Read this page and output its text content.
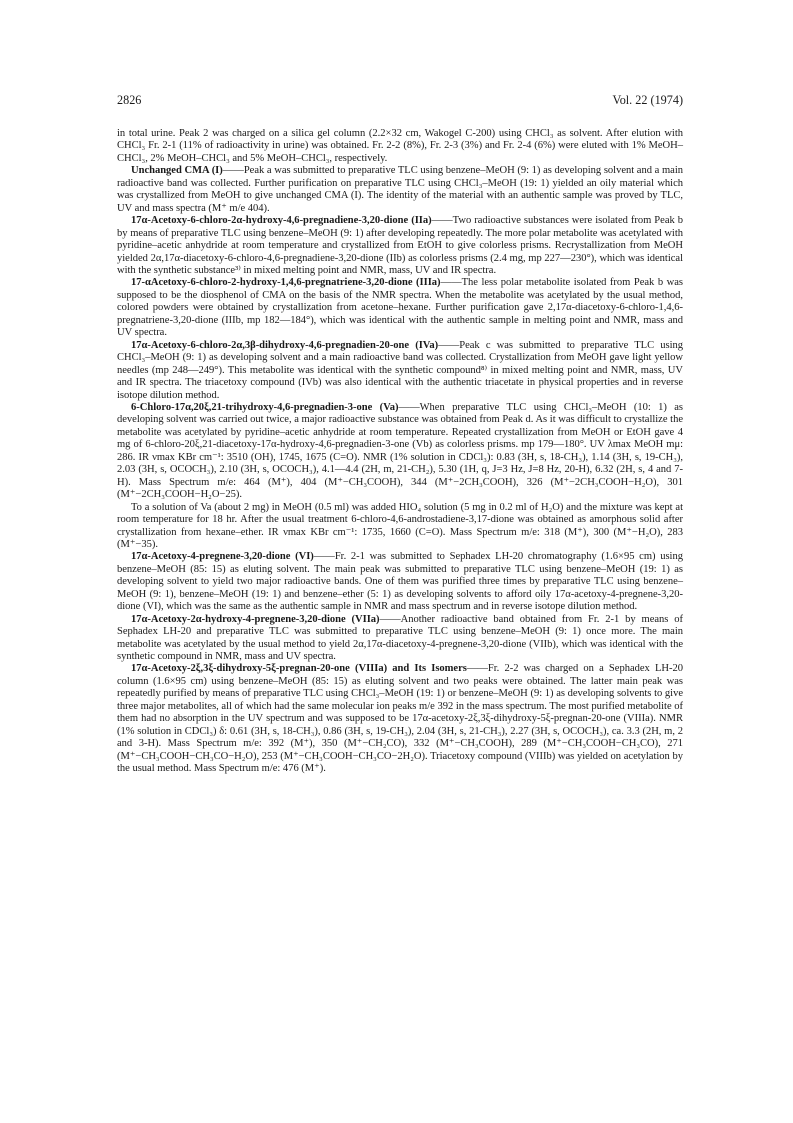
2826	Vol. 22 (1974)

in total urine. Peak 2 was charged on a silica gel column (2.2×32 cm, Wakogel C-200) using CHCl₃ as solvent. After elution with CHCl₃ Fr. 2-1 (11% of radioactivity in urine) was obtained. Fr. 2-2 (8%), Fr. 2-3 (3%) and Fr. 2-4 (6%) were eluted with 1% MeOH–CHCl₃, 2% MeOH–CHCl₃ and 5% MeOH–CHCl₃, respectively.

Unchanged CMA (I)——Peak a was submitted to preparative TLC using benzene–MeOH (9: 1) as developing solvent and a main radioactive band was collected. Further purification on preparative TLC using CHCl₃–MeOH (19: 1) yielded an oily material which was crystallized from MeOH to give unchanged CMA (I). The identity of the material with an authentic sample was proved by TLC, UV and mass spectra (M⁺ m/e 404).

17α-Acetoxy-6-chloro-2α-hydroxy-4,6-pregnadiene-3,20-dione (IIa)——Two radioactive substances were isolated from Peak b by means of preparative TLC using benzene–MeOH (9: 1) after developing repeatedly. The more polar metabolite was acetylated with pyridine–acetic anhydride at room temperature and crystallized from EtOH to give colorless prisms. Recrystallization from MeOH yielded 2α,17α-diacetoxy-6-chloro-4,6-pregnadiene-3,20-dione (IIb) as colorless prisms (2.4 mg, mp 227—230°), which was identical with the synthetic substance³⁾ in mixed melting point and NMR, mass, UV and IR spectra.

17-αAcetoxy-6-chloro-2-hydroxy-1,4,6-pregnatriene-3,20-dione (IIIa)——The less polar metabolite isolated from Peak b was supposed to be the diosphenol of CMA on the basis of the NMR spectra. When the metabolite was acetylated by the usual method, colored powders were obtained by crystallization from acetone–hexane. Further purification gave 2,17α-diacetoxy-6-chloro-1,4,6-pregnatriene-3,20-dione (IIIb, mp 182—184°), which was identical with the authentic sample in melting point and NMR, mass and UV spectra.

17α-Acetoxy-6-chloro-2α,3β-dihydroxy-4,6-pregnadien-20-one (IVa)——Peak c was submitted to preparative TLC using CHCl₃–MeOH (9: 1) as developing solvent and a main radioactive band was collected. Crystallization from MeOH gave light yellow needles (mp 248—249°). This metabolite was identical with the synthetic compound⁸⁾ in mixed melting point and NMR, mass, UV and IR spectra. The triacetoxy compound (IVb) was also identical with the authentic triacetate in physical properties and in reverse isotope dilution method.

6-Chloro-17α,20ξ,21-trihydroxy-4,6-pregnadien-3-one (Va)——When preparative TLC using CHCl₃–MeOH (10: 1) as developing solvent was carried out twice, a major radioactive substance was obtained from Peak d. As it was difficult to crystallize the metabolite was acetylated by pyridine–acetic anhydride at room temperature. Repeated crystallization from MeOH or EtOH gave 4 mg of 6-chloro-20ξ,21-diacetoxy-17α-hydroxy-4,6-pregnadien-3-one (Vb) as colorless prisms. mp 179—180°. UV λmax MeOH mμ: 286. IR νmax KBr cm⁻¹: 3510 (OH), 1745, 1675 (C=O). NMR (1% solution in CDCl₃): 0.83 (3H, s, 18-CH₃), 1.14 (3H, s, 19-CH₃), 2.03 (3H, s, OCOCH₃), 2.10 (3H, s, OCOCH₃), 4.1—4.4 (2H, m, 21-CH₂), 5.30 (1H, q, J=3 Hz, J=8 Hz, 20-H), 6.32 (2H, s, 4 and 7-H). Mass Spectrum m/e: 464 (M⁺), 404 (M⁺−CH₃COOH), 344 (M⁺−2CH₃COOH), 326 (M⁺−2CH₃COOH−H₂O), 301 (M⁺−2CH₃COOH−H₂O−25).

To a solution of Va (about 2 mg) in MeOH (0.5 ml) was added HIO₄ solution (5 mg in 0.2 ml of H₂O) and the mixture was kept at room temperature for 18 hr. After the usual treatment 6-chloro-4,6-androstadiene-3,17-dione was obtained as amorphous solid after crystallization from hexane–ether. IR νmax KBr cm⁻¹: 1735, 1660 (C=O). Mass Spectrum m/e: 318 (M⁺), 300 (M⁺−H₂O), 283 (M⁺−35).

17α-Acetoxy-4-pregnene-3,20-dione (VI)——Fr. 2-1 was submitted to Sephadex LH-20 chromatography (1.6×95 cm) using benzene–MeOH (85: 15) as eluting solvent. The main peak was submitted to preparative TLC using benzene–MeOH (19: 1) as developing solvent to yield two major radioactive bands. One of them was purified three times by preparative TLC using benzene–MeOH (9: 1), benzene–MeOH (19: 1) and benzene–ether (5: 1) as developing solvents to afford oily 17α-acetoxy-4-pregnene-3,20-dione (VI), which was the same as the authentic sample in NMR and mass spectrum and in reverse isotope dilution method.

17α-Acetoxy-2α-hydroxy-4-pregnene-3,20-dione (VIIa)——Another radioactive band obtained from Fr. 2-1 by means of Sephadex LH-20 and preparative TLC was submitted to preparative TLC using benzene–MeOH (9: 1) once more. The main metabolite was acetylated by the usual method to yield 2α,17α-diacetoxy-4-pregnene-3,20-dione (VIIb), which was identical with the synthetic compound in NMR, mass and UV spectra.

17α-Acetoxy-2ξ,3ξ-dihydroxy-5ξ-pregnan-20-one (VIIIa) and Its Isomers——Fr. 2-2 was charged on a Sephadex LH-20 column (1.6×95 cm) using benzene–MeOH (85: 15) as eluting solvent and two peaks were obtained. The latter main peak was repeatedly purified by means of preparative TLC using CHCl₃–MeOH (19: 1) or benzene–MeOH (9: 1) as developing solvents to give three major metabolites, all of which had the same molecular ion peaks m/e 392 in the mass spectrum. The most purified metabolite of them had no absorption in the UV spectrum and was supposed to be 17α-acetoxy-2ξ,3ξ-dihydroxy-5ξ-pregnan-20-one (VIIIa). NMR (1% solution in CDCl₃) δ: 0.61 (3H, s, 18-CH₃), 0.86 (3H, s, 19-CH₃), 2.04 (3H, s, 21-CH₃), 2.27 (3H, s, OCOCH₃), ca. 3.3 (2H, m, 2 and 3-H). Mass Spectrum m/e: 392 (M⁺), 350 (M⁺−CH₂CO), 332 (M⁺−CH₃COOH), 289 (M⁺−CH₃COOH−CH₃CO), 271 (M⁺−CH₃COOH−CH₃CO−H₂O), 253 (M⁺−CH₃COOH−CH₃CO−2H₂O). Triacetoxy compound (VIIIb) was yielded on acetylation by the usual method. Mass Spectrum m/e: 476 (M⁺).
